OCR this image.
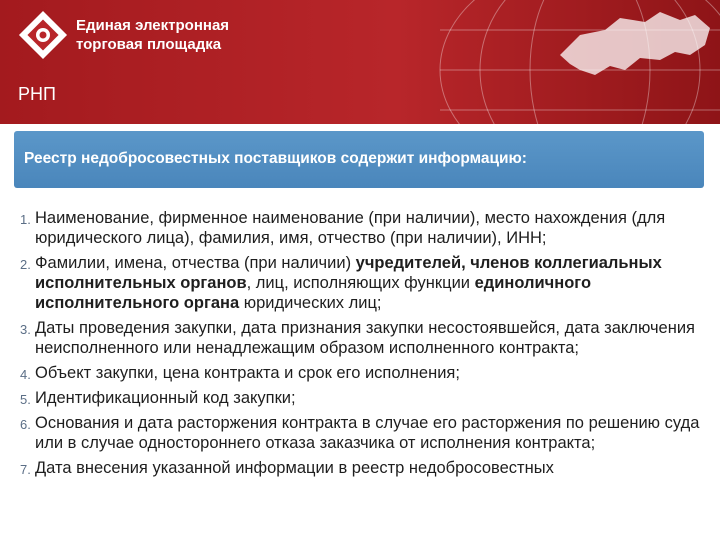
Единая электронная
торговая площадка
РНП
Реестр недобросовестных поставщиков содержит информацию:
1. Наименование, фирменное наименование (при наличии), место нахождения (для юридического лица), фамилия, имя, отчество (при наличии), ИНН;
2. Фамилии, имена, отчества (при наличии) учредителей, членов коллегиальных исполнительных органов, лиц, исполняющих функции единоличного исполнительного органа юридических лиц;
3. Даты проведения закупки, дата признания закупки несостоявшейся, дата заключения неисполненного или ненадлежащим образом исполненного контракта;
4. Объект закупки, цена контракта и срок его исполнения;
5. Идентификационный код закупки;
6. Основания и дата расторжения контракта в случае его расторжения по решению суда или в случае одностороннего отказа заказчика от исполнения контракта;
7. Дата внесения указанной информации в реестр недобросовестных
